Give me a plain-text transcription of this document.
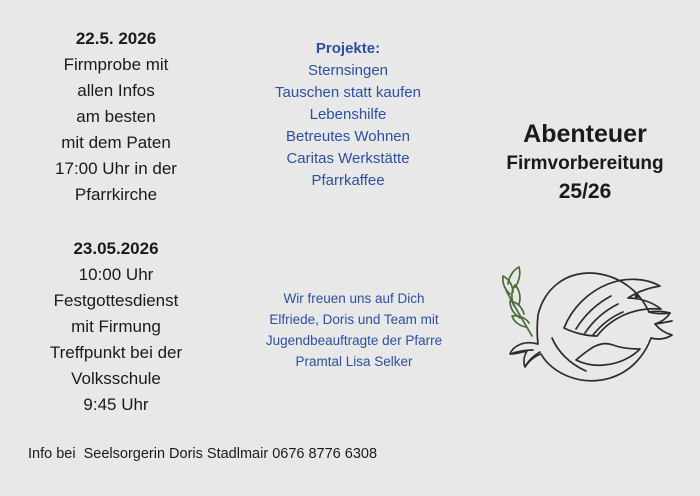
22.5. 2026
Firmprobe mit
allen Infos
am besten
mit dem Paten
17:00 Uhr in der
Pfarrkirche
23.05.2026
10:00 Uhr
Festgottesdienst
mit Firmung
Treffpunkt bei der
Volksschule
9:45 Uhr
Projekte:
Sternsingen
Tauschen statt kaufen
Lebenshilfe
Betreutes Wohnen
Caritas Werkstätte
Pfarrkaffee
Wir freuen uns auf Dich
Elfriede, Doris und Team mit
Jugendbeauftragte der Pfarre
Pramtal Lisa Selker
Abenteuer
Firmvorbereitung
25/26
Info bei  Seelsorgerin Doris Stadlmair 0676 8776 6308
